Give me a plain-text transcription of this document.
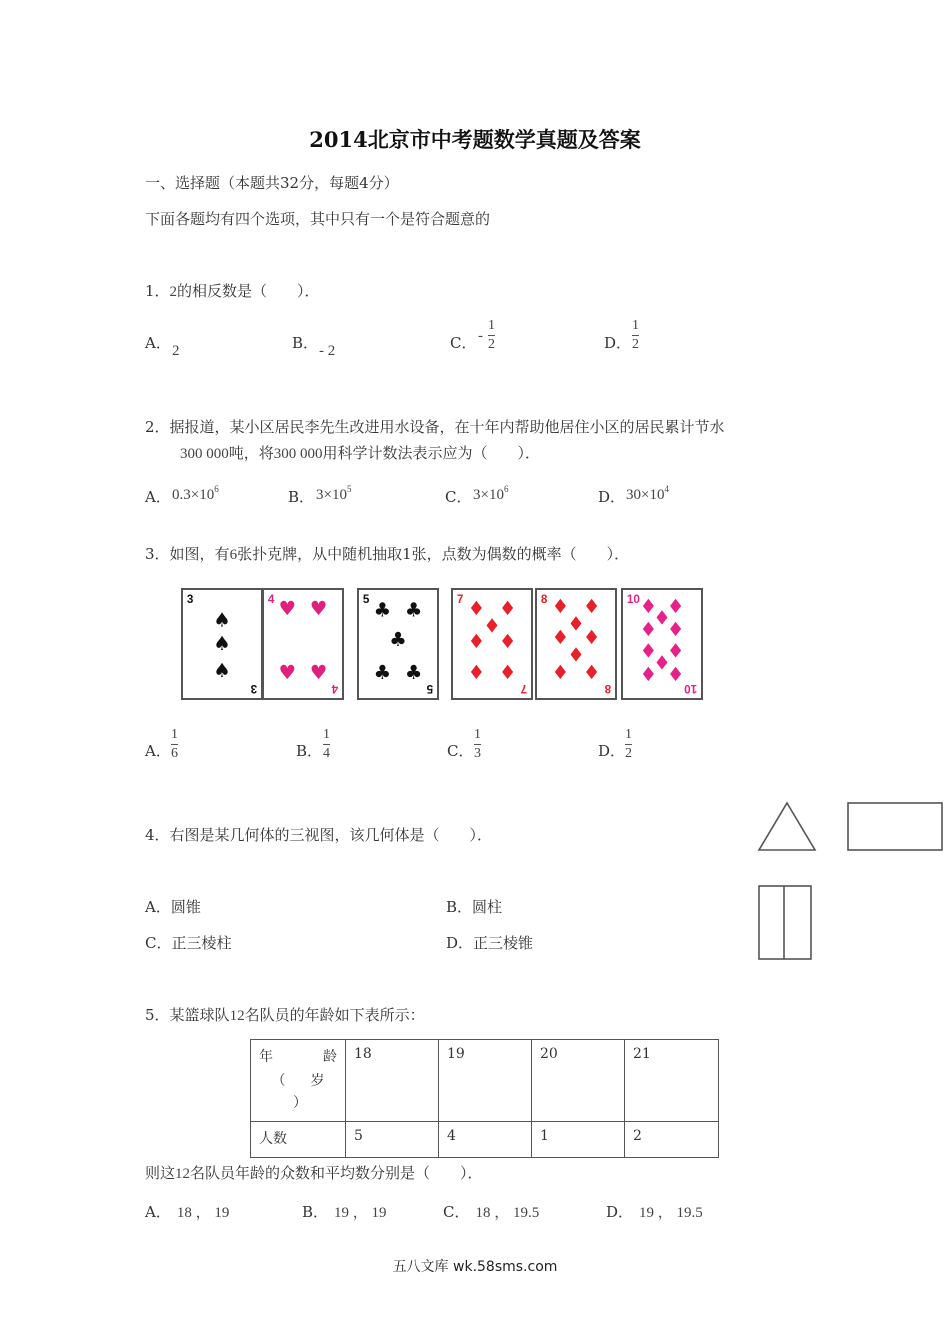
2014北京市中考题数学真题及答案
一、选择题（本题共32分，每题4分）
下面各题均有四个选项，其中只有一个是符合题意的
1．2的相反数是（　　）．
A． 2	B． - 2	C． -
1
2	D．
1
2
2．据报道，某小区居民李先生改进用水设备，在十年内帮助他居住小区的居民累计节水
300 000吨，将300 000用科学计数法表示应为（　　）．
A． $0.3\times 10^6$	B． $3\times 10^5$	C． $3\times 10^6$	D． $30\times 10^4$
3．如图，有6张扑克牌，从中随机抽取1张，点数为偶数的概率（　　）．
3
3
♠
♠
♠
4
4
♥ ♥
♥ ♥
5
5
♣ ♣
♣
♣ ♣
7
7
♦ ♦
♦
♦ ♦
♦ ♦
8
8
♦ ♦
♦
♦ ♦
♦
♦ ♦
10
10
♦ ♦
♦
♦ ♦
♦ ♦
♦
♦ ♦
A．
1
6	B．
1
4	C．
1
3	D．
1
2
4．右图是某几何体的三视图，该几何体是（　　）．
A．圆锥	B．圆柱
C．正三棱柱	D．正三棱锥
5．某篮球队12名队员的年龄如下表所示：
年 龄
（ 岁
）	18	19	20	21
人数	5	4	1	2
则这12名队员年龄的众数和平均数分别是（　　）．
A． 18 ， 19	B． 19 ， 19	C． 18 ， 19.5	D． 19 ， 19.5
五八文库 wk.58sms.com
